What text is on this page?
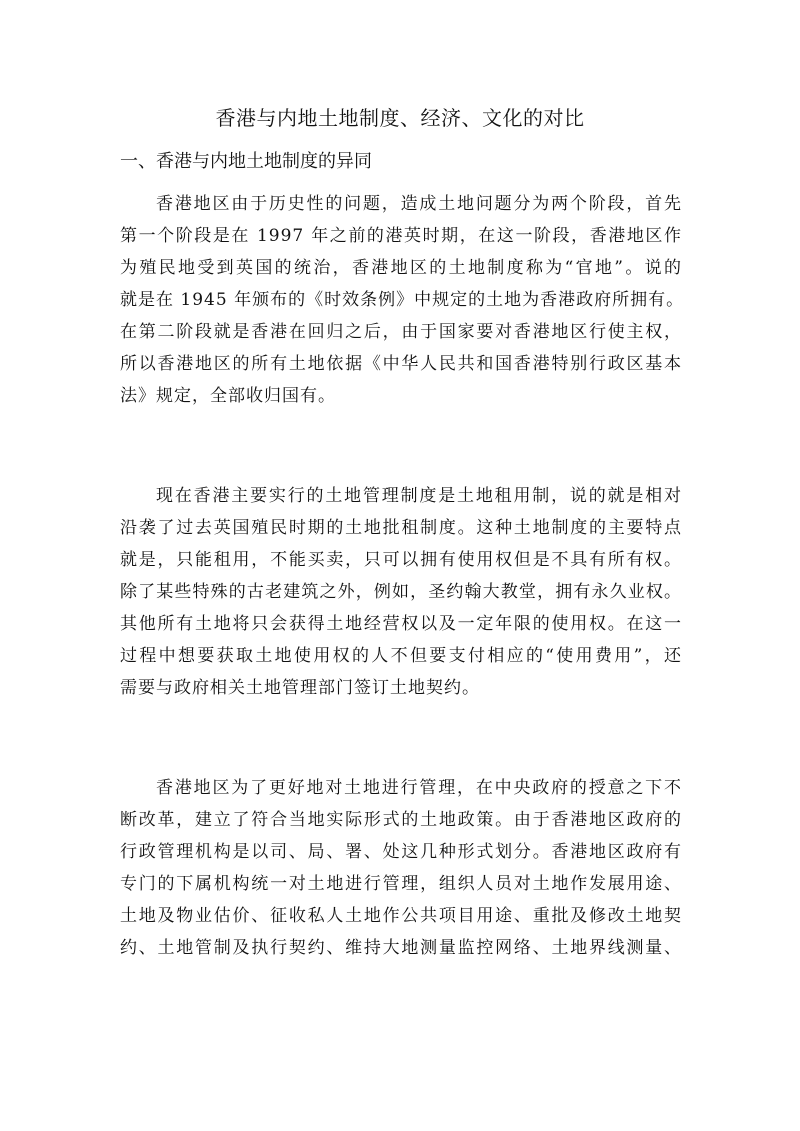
香港与内地土地制度、经济、文化的对比
一、香港与内地土地制度的异同

香港地区由于历史性的问题，造成土地问题分为两个阶段，首先
第一个阶段是在 1997 年之前的港英时期，在这一阶段，香港地区作
为殖民地受到英国的统治，香港地区的土地制度称为“官地”。说的
就是在 1945 年颁布的《时效条例》中规定的土地为香港政府所拥有。
在第二阶段就是香港在回归之后，由于国家要对香港地区行使主权，
所以香港地区的所有土地依据《中华人民共和国香港特别行政区基本
法》规定，全部收归国有。

现在香港主要实行的土地管理制度是土地租用制，说的就是相对
沿袭了过去英国殖民时期的土地批租制度。这种土地制度的主要特点
就是，只能租用，不能买卖，只可以拥有使用权但是不具有所有权。
除了某些特殊的古老建筑之外，例如，圣约翰大教堂，拥有永久业权。
其他所有土地将只会获得土地经营权以及一定年限的使用权。在这一
过程中想要获取土地使用权的人不但要支付相应的“使用费用”，还
需要与政府相关土地管理部门签订土地契约。

香港地区为了更好地对土地进行管理，在中央政府的授意之下不
断改革，建立了符合当地实际形式的土地政策。由于香港地区政府的
行政管理机构是以司、局、署、处这几种形式划分。香港地区政府有
专门的下属机构统一对土地进行管理，组织人员对土地作发展用途、
土地及物业估价、征收私人土地作公共项目用途、重批及修改土地契
约、土地管制及执行契约、维持大地测量监控网络、土地界线测量、
